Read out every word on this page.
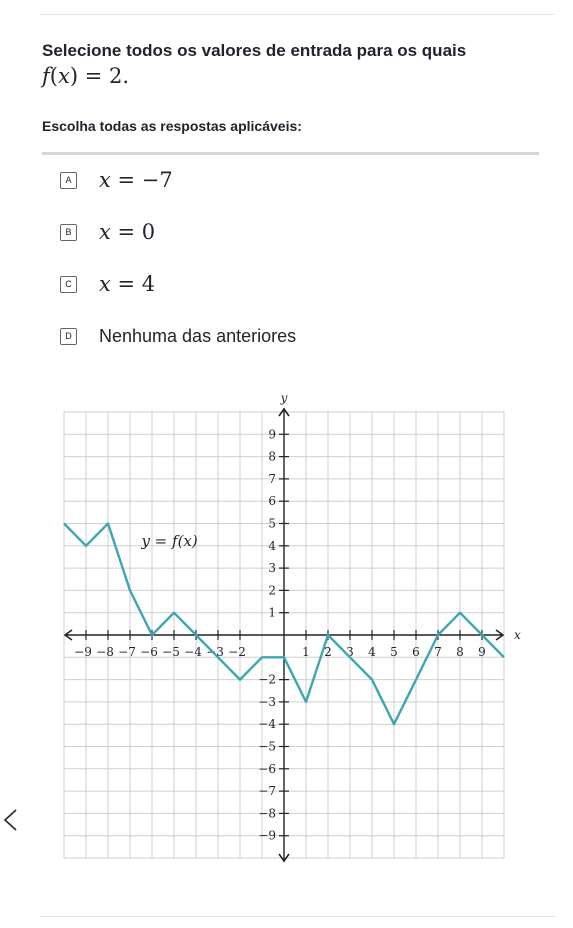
Selecione todos os valores de entrada para os quais
f(x) = 2.
Escolha todas as respostas aplicáveis:
A x = −7
B x = 0
C x = 4
D Nenhuma das anteriores
−9 −8 −7 −6 −5 −4 −3 −2	1 2 3 4 5 6 7 8 9
−9
−8
−7
−6
−5
−4
−3
−2
1
2
3
4
5
6
7
8
9
x
y
y = f(x)
